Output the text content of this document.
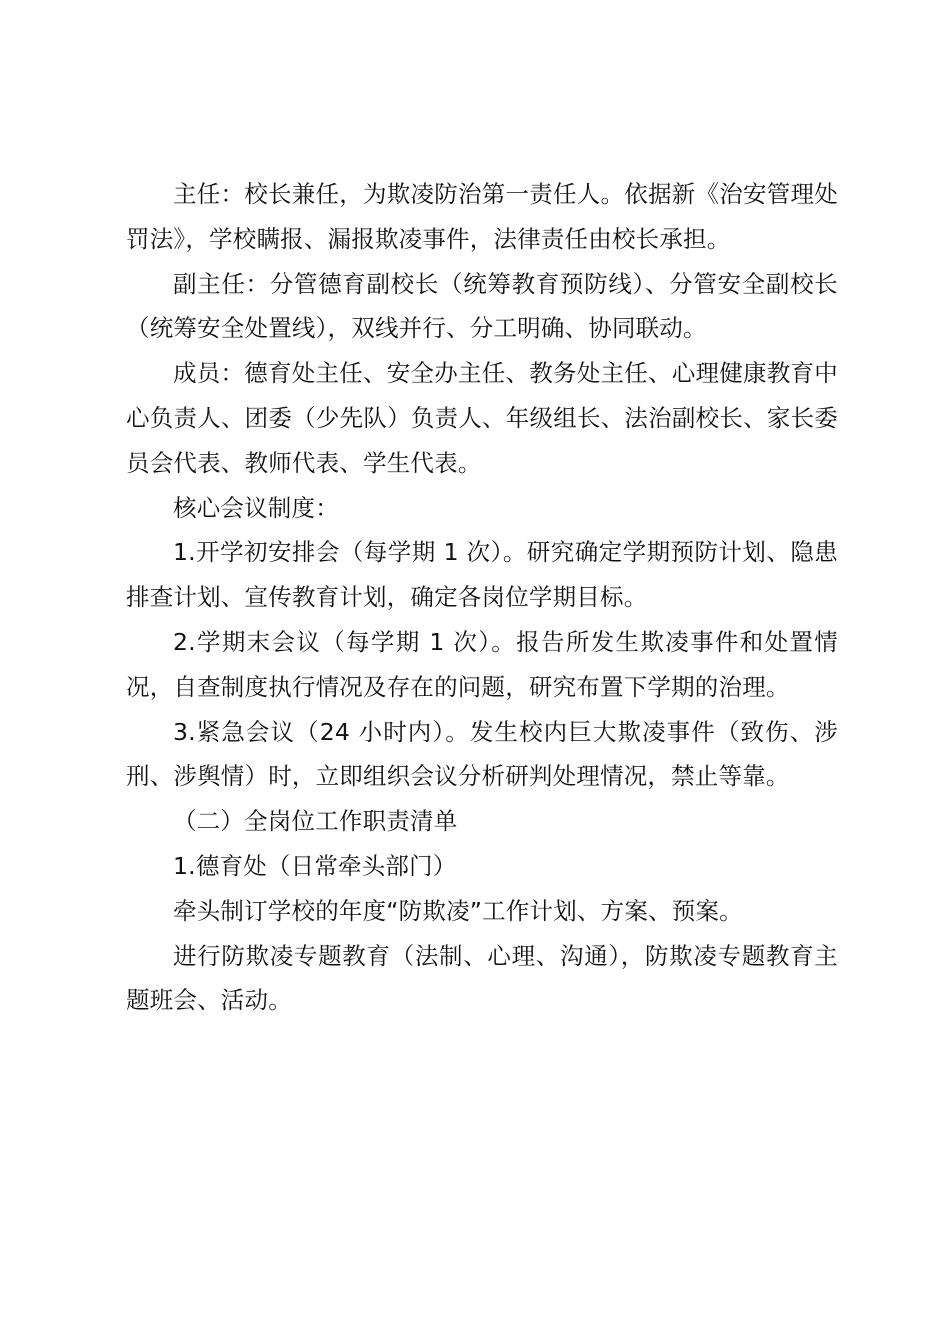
主任：校长兼任，为欺凌防治第一责任人。依据新《治安管理处罚法》，学校瞒报、漏报欺凌事件，法律责任由校长承担。

副主任：分管德育副校长（统筹教育预防线）、分管安全副校长（统筹安全处置线），双线并行、分工明确、协同联动。

成员：德育处主任、安全办主任、教务处主任、心理健康教育中心负责人、团委（少先队）负责人、年级组长、法治副校长、家长委员会代表、教师代表、学生代表。

核心会议制度：

1.开学初安排会（每学期 1 次）。研究确定学期预防计划、隐患排查计划、宣传教育计划，确定各岗位学期目标。

2.学期末会议（每学期 1 次）。报告所发生欺凌事件和处置情况，自查制度执行情况及存在的问题，研究布置下学期的治理。

3.紧急会议（24 小时内）。发生校内巨大欺凌事件（致伤、涉刑、涉舆情）时，立即组织会议分析研判处理情况，禁止等靠。

（二）全岗位工作职责清单

1.德育处（日常牵头部门）

牵头制订学校的年度“防欺凌”工作计划、方案、预案。

进行防欺凌专题教育（法制、心理、沟通），防欺凌专题教育主题班会、活动。
